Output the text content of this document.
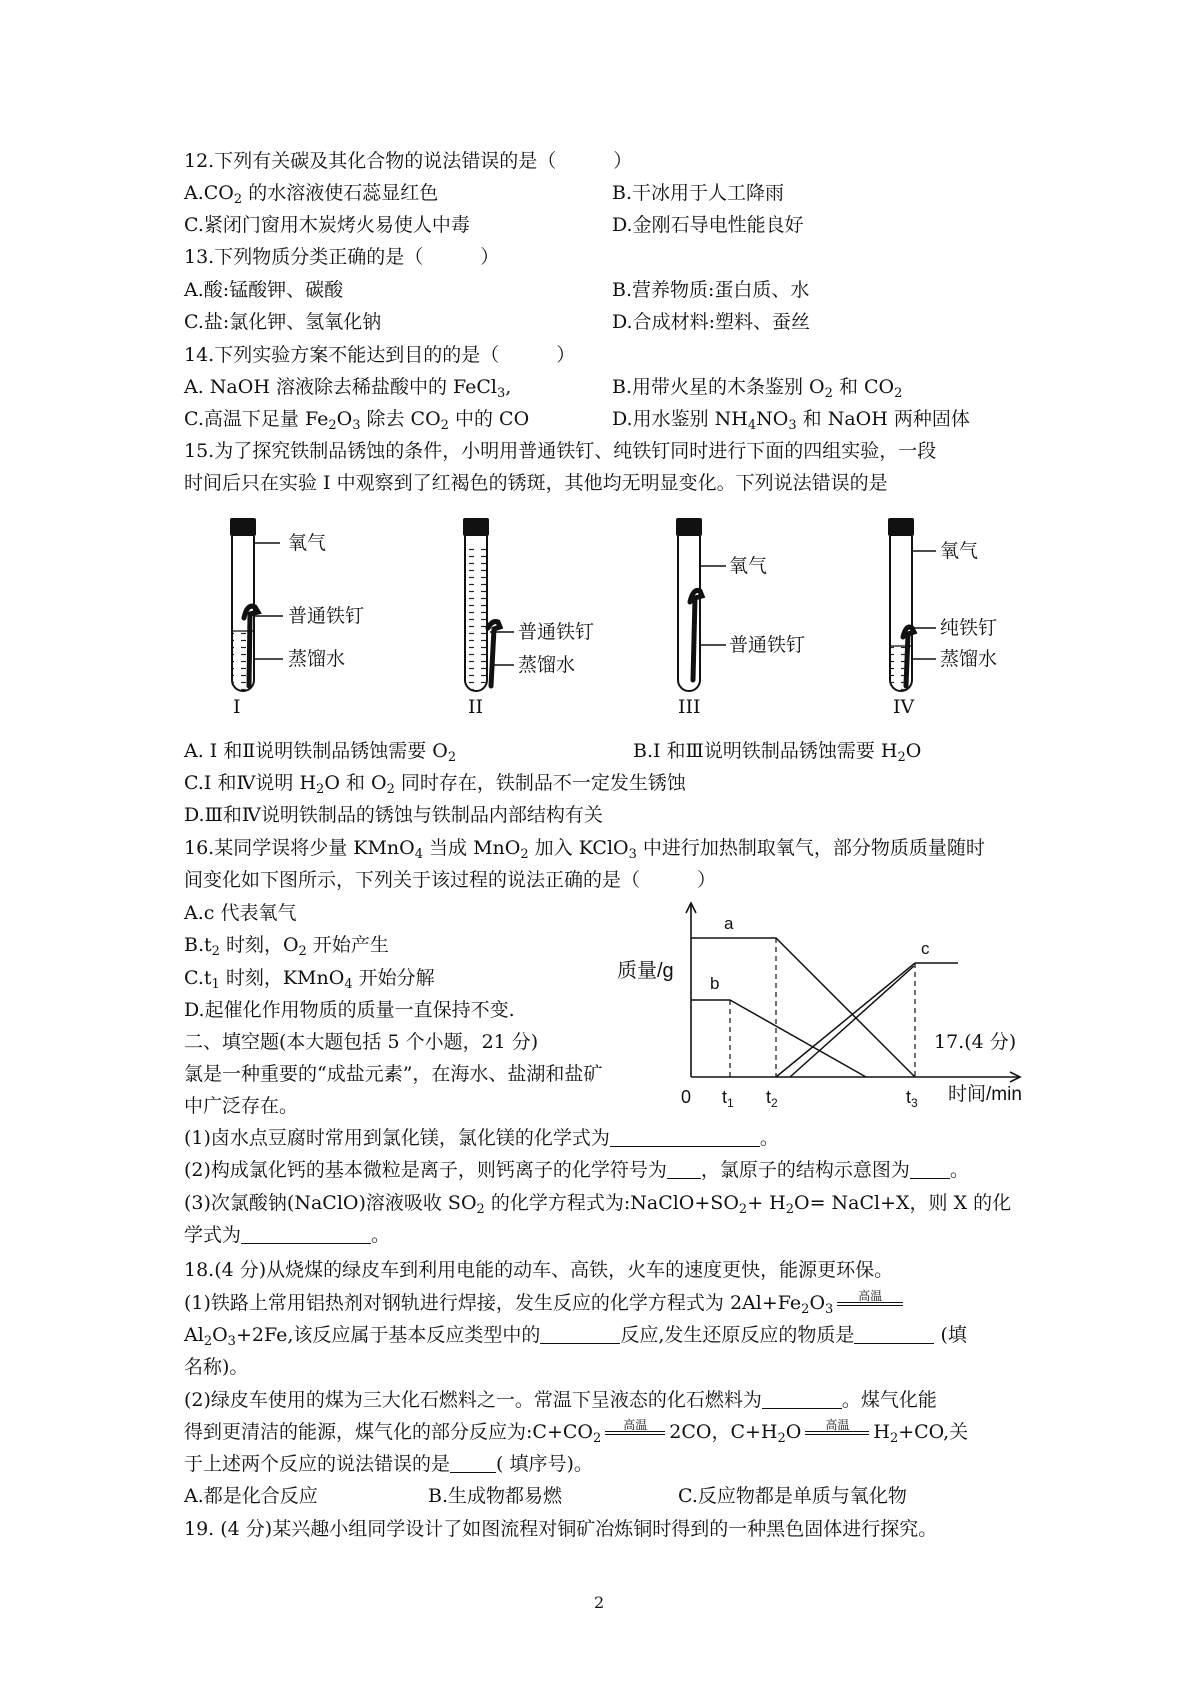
12.下列有关碳及其化合物的说法错误的是（　　　）
$A.CO_2$ 的水溶液使石蕊显红色	B.干冰用于人工降雨
C.紧闭门窗用木炭烤火易使人中毒	D.金刚石导电性能良好
13.下列物质分类正确的是（　　　）
A.酸:锰酸钾、碳酸	B.营养物质:蛋白质、水
C.盐:氯化钾、氢氧化钠	D.合成材料:塑料、蚕丝
14.下列实验方案不能达到目的的是（　　　）
A. NaOH 溶液除去稀盐酸中的 FeCl$_3$,	B.用带火星的木条鉴别 $O_2$ 和 $CO_2$
C.高温下足量 $Fe_2O_3$ 除去 $CO_2$ 中的 CO	D.用水鉴别 $NH_4NO_3$ 和 NaOH 两种固体
15.为了探究铁制品锈蚀的条件，小明用普通铁钉、纯铁钉同时进行下面的四组实验，一段
时间后只在实验 I 中观察到了红褐色的锈斑，其他均无明显变化。下列说法错误的是
氧气
普通铁钉
蒸馏水
I
普通铁钉
蒸馏水
II
氧气
普通铁钉
III
氧气
纯铁钉
蒸馏水
IV
A. I 和Ⅱ说明铁制品锈蚀需要 $O_2$	B.I 和Ⅲ说明铁制品锈蚀需要 $H_2O$
C.I 和Ⅳ说明 $H_2O$ 和 $O_2$ 同时存在，铁制品不一定发生锈蚀
D.Ⅲ和Ⅳ说明铁制品的锈蚀与铁制品内部结构有关
16.某同学误将少量 KMnO$_4$ 当成 MnO$_2$ 加入 KClO$_3$ 中进行加热制取氧气，部分物质质量随时
间变化如下图所示，下列关于该过程的说法正确的是（　　　）
A.c 代表氧气
$B.t_2$ 时刻，$O_2$ 开始产生
$C.t_1$ 时刻，KMnO$_4$ 开始分解
D.起催化作用物质的质量一直保持不变.
a
b
c
0 $t_1$ $t_2$	$t_3$
质量/g
时间/min
二、填空题(本大题包括 5 个小题，21 分)	17.(4 分)
氯是一种重要的“成盐元素”，在海水、盐湖和盐矿
中广泛存在。
(1)卤水点豆腐时常用到氯化镁，氯化镁的化学式为	。
(2)构成氯化钙的基本微粒是离子，则钙离子的化学符号为 ，氯原子的结构示意图为 。
(3)次氯酸钠(NaClO)溶液吸收 $SO_2$ 的化学方程式为$:NaClO+SO_2+ H_2O=$ NaCl+X，则 X 的化
学式为	。
18.(4 分)从烧煤的绿皮车到利用电能的动车、高铁，火车的速度更快，能源更环保。
(1)铁路上常用铝热剂对钢轨进行焊接，发生反应的化学方程式为 $2Al+Fe_2O_3$
高温
$Al_2O_3+2Fe$,该反应属于基本反应类型中的	反应,发生还原反应的物质是	(填
名称)。
(2)绿皮车使用的煤为三大化石燃料之一。常温下呈液态的化石燃料为	。煤气化能
得到更清洁的能源，煤气化的部分反应为$:C+CO_2$
高温	2CO，$C+H_2O$	高温	$H_2+CO$,关
于上述两个反应的说法错误的是 ( 填序号)。
A.都是化合反应	B.生成物都易燃	C.反应物都是单质与氧化物
19. (4 分)某兴趣小组同学设计了如图流程对铜矿冶炼铜时得到的一种黑色固体进行探究。
2
